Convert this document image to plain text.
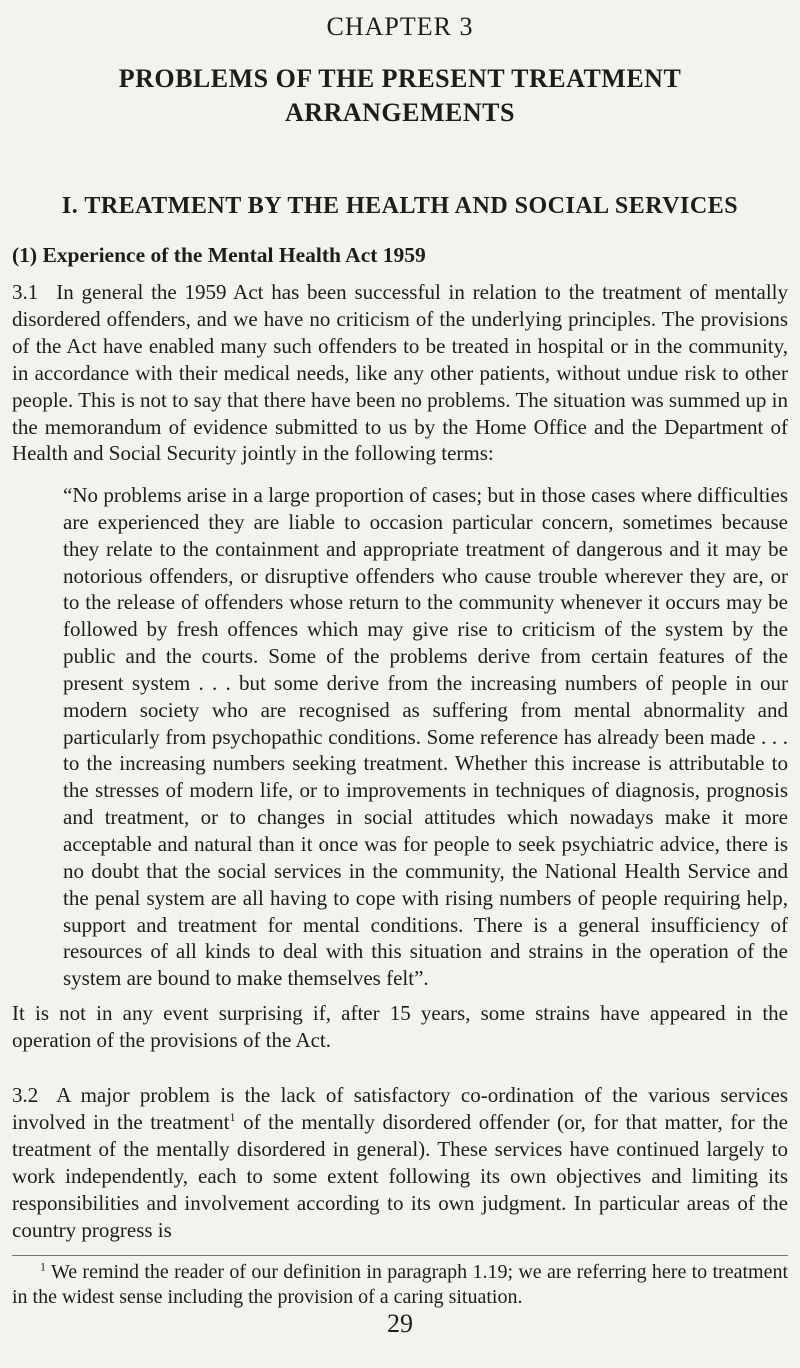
CHAPTER 3
PROBLEMS OF THE PRESENT TREATMENT
ARRANGEMENTS
I. TREATMENT BY THE HEALTH AND SOCIAL SERVICES
(1) Experience of the Mental Health Act 1959
3.1 In general the 1959 Act has been successful in relation to the treatment of mentally disordered offenders, and we have no criticism of the underlying principles. The provisions of the Act have enabled many such offenders to be treated in hospital or in the community, in accordance with their medical needs, like any other patients, without undue risk to other people. This is not to say that there have been no problems. The situation was summed up in the memorandum of evidence submitted to us by the Home Office and the Department of Health and Social Security jointly in the following terms:
“No problems arise in a large proportion of cases; but in those cases where difficulties are experienced they are liable to occasion particular concern, sometimes because they relate to the containment and appropriate treatment of dangerous and it may be notorious offenders, or disruptive offenders who cause trouble wherever they are, or to the release of offenders whose return to the community whenever it occurs may be followed by fresh offences which may give rise to criticism of the system by the public and the courts. Some of the problems derive from certain features of the present system . . . but some derive from the increasing numbers of people in our modern society who are recognised as suffering from mental abnormality and particularly from psychopathic conditions. Some reference has already been made . . . to the increasing numbers seeking treatment. Whether this increase is attributable to the stresses of modern life, or to improvements in techniques of diagnosis, prognosis and treatment, or to changes in social attitudes which nowadays make it more acceptable and natural than it once was for people to seek psychiatric advice, there is no doubt that the social services in the community, the National Health Service and the penal system are all having to cope with rising numbers of people requiring help, support and treatment for mental conditions. There is a general insufficiency of resources of all kinds to deal with this situation and strains in the operation of the system are bound to make themselves felt”.
It is not in any event surprising if, after 15 years, some strains have appeared in the operation of the provisions of the Act.
3.2 A major problem is the lack of satisfactory co-ordination of the various services involved in the treatment$^1$ of the mentally disordered offender (or, for that matter, for the treatment of the mentally disordered in general). These services have continued largely to work independently, each to some extent following its own objectives and limiting its responsibilities and involvement according to its own judgment. In particular areas of the country progress is
$^1$ We remind the reader of our definition in paragraph 1.19; we are referring here to treatment in the widest sense including the provision of a caring situation.
29
